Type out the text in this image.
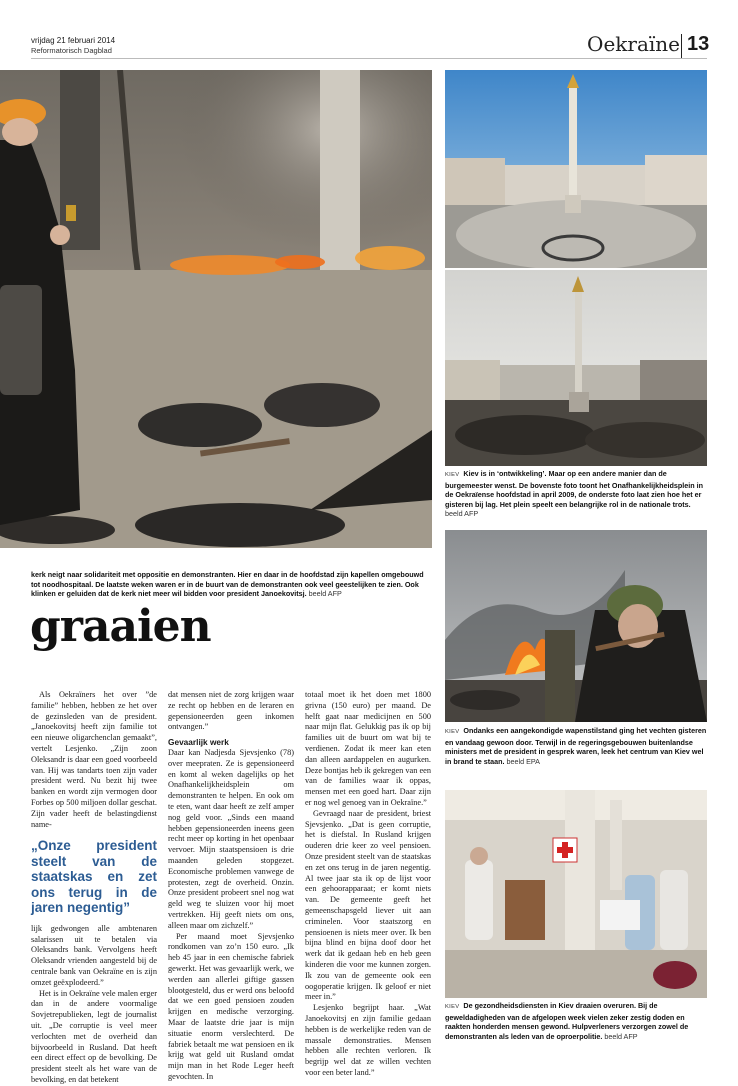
vrijdag 21 februari 2014
Reformatorisch Dagblad	Oekraïne 13
KIEV Kiev is in ‘ontwikkeling’. Maar op een andere manier dan de burgemeester wenst. De bovenste foto toont het Onafhankelijkheidsplein in de Oekraïense hoofdstad in april 2009, de onderste foto laat zien hoe het er gisteren bij lag. Het plein speelt een belangrijke rol in de nationale trots. beeld AFP
kerk neigt naar solidariteit met oppositie en demonstranten. Hier en daar in de hoofdstad zijn kapellen omgebouwd tot noodhospitaal. De laatste weken waren er in de buurt van de demonstranten ook veel geestelijken te zien. Ook klinken er geluiden dat de kerk niet meer wil bidden voor president Janoekovitsj. beeld AFP
KIEV Ondanks een aangekondigde wapenstilstand ging het vechten gisteren en vandaag gewoon door. Terwijl in de regeringsgebouwen buitenlandse ministers met de president in gesprek waren, leek het centrum van Kiev wel in brand te staan. beeld EPA
KIEV De gezondheidsdiensten in Kiev draaien overuren. Bij de geweldadigheden van de afgelopen week vielen zeker zestig doden en raakten honderden mensen gewond. Hulpverleners verzorgen zowel de demonstranten als leden van de oproerpolitie. beeld AFP
graaien

Als Oekraïners het over ”de familie” hebben, hebben ze het over de gezinsleden van de president. „Janoekovitsj heeft zijn familie tot een nieuwe oligarchenclan gemaakt”, vertelt Lesjenko. „Zijn zoon Oleksandr is daar een goed voorbeeld van. Hij was tandarts toen zijn vader president werd. Nu bezit hij twee banken en wordt zijn vermogen door Forbes op 500 miljoen dollar geschat. Zijn vader heeft de belastingdienst name-

„Onze president steelt van de staatskas en zet ons terug in de jaren negentig”

lijk gedwongen alle ambtenaren salarissen uit te betalen via Oleksandrs bank. Vervolgens heeft Oleksandr vrienden aangesteld bij de centrale bank van Oekraïne en is zijn omzet geëxplodeerd.”

Het is in Oekraïne vele malen erger dan in de andere voormalige Sovjetrepublieken, legt de journalist uit. „De corruptie is veel meer verlochten met de overheid dan bijvoorbeeld in Rusland. Dat heeft een direct effect op de bevolking. De president steelt als het ware van de bevolking, en dat betekent

dat mensen niet de zorg krijgen waar ze recht op hebben en de leraren en gepensioneerden geen inkomen ontvangen.”

Gevaarlijk werk

Daar kan Nadjesda Sjevsjenko (78) over meepraten. Ze is gepensioneerd en komt al weken dagelijks op het Onafhankelijkheidsplein om demonstranten te helpen. En ook om te eten, want daar heeft ze zelf amper nog geld voor. „Sinds een maand hebben gepensioneerden ineens geen recht meer op korting in het openbaar vervoer. Mijn staatspensioen is drie maanden geleden stopgezet. Economische problemen vanwege de protesten, zegt de overheid. Onzin. Onze president probeert snel nog wat geld weg te sluizen voor hij moet vertrekken. Hij geeft niets om ons, alleen maar om zichzelf.”

Per maand moet Sjevsjenko rondkomen van zo’n 150 euro. „Ik heb 45 jaar in een chemische fabriek gewerkt. Het was gevaarlijk werk, we werden aan allerlei giftige gassen blootgesteld, dus er werd ons beloofd dat we een goed pensioen zouden krijgen en medische verzorging. Maar de laatste drie jaar is mijn situatie enorm verslechterd. De fabriek betaalt me wat pensioen en ik krijg wat geld uit Rusland omdat mijn man in het Rode Leger heeft gevochten. In

totaal moet ik het doen met 1800 grivna (150 euro) per maand. De helft gaat naar medicijnen en 500 naar mijn flat. Gelukkig pas ik op bij families uit de buurt om wat bij te verdienen. Zodat ik meer kan eten dan alleen aardappelen en augurken. Deze bontjas heb ik gekregen van een van de families waar ik oppas, mensen met een goed hart. Daar zijn er nog wel genoeg van in Oekraïne.”

Gevraagd naar de president, briest Sjevsjenko. „Dat is geen corruptie, het is diefstal. In Rusland krijgen ouderen drie keer zo veel pensioen. Onze president steelt van de staatskas en zet ons terug in de jaren negentig. Al twee jaar sta ik op de lijst voor een gehoorapparaat; er komt niets van. De gemeente geeft het gemeenschapsgeld liever uit aan criminelen. Voor staatszorg en pensioenen is niets meer over. Ik ben bijna blind en bijna doof door het werk dat ik gedaan heb en heb geen kinderen die voor me kunnen zorgen. Ik zou van de gemeente ook een oogoperatie krijgen. Ik geloof er niet meer in.”

Lesjenko begrijpt haar. „Wat Janoekovitsj en zijn familie gedaan hebben is de werkelijke reden van de massale demonstraties. Mensen hebben alle rechten verloren. Ik begrijp wel dat ze willen vechten voor een beter land.”
